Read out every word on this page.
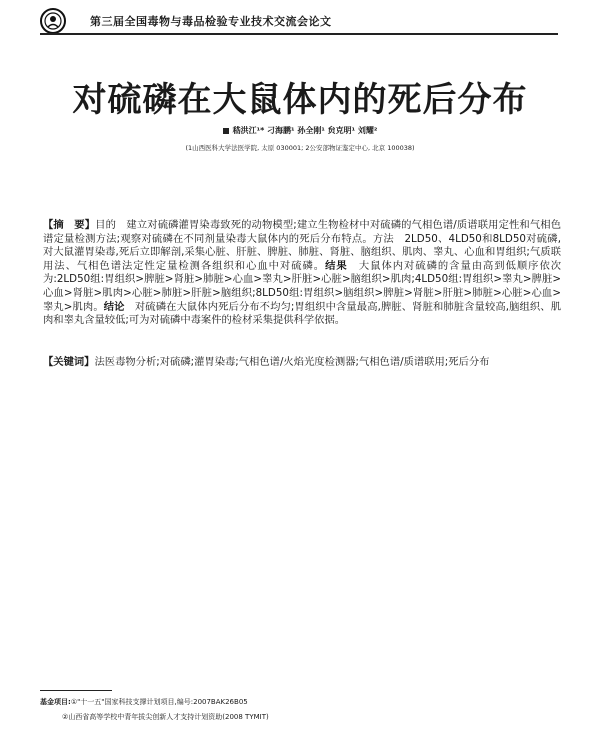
第三届全国毒物与毒品检验专业技术交流会论文
对硫磷在大鼠体内的死后分布
嵇洪江¹* 刁海鹏¹ 孙全刚¹ 贠克明¹ 刘耀²
(1山西医科大学法医学院, 太原 030001; 2公安部物证鉴定中心, 北京 100038)
【摘　要】目的　建立对硫磷灌胃染毒致死的动物模型;建立生物检材中对硫磷的气相色谱/质谱联用定性和气相色谱定量检测方法;观察对硫磷在不同剂量染毒大鼠体内的死后分布特点。方法　2LD50、4LD50和8LD50对硫磷,对大鼠灌胃染毒,死后立即解剖,采集心脏、肝脏、脾脏、肺脏、肾脏、脑组织、肌肉、睾丸、心血和胃组织;气质联用法、气相色谱法定性定量检测各组织和心血中对硫磷。结果　大鼠体内对硫磷的含量由高到低顺序依次为:2LD50组:胃组织>脾脏>肾脏>肺脏>心血>睾丸>肝脏>心脏>脑组织>肌肉;4LD50组:胃组织>睾丸>脾脏>心血>肾脏>肌肉>心脏>肺脏>肝脏>脑组织;8LD50组:胃组织>脑组织>脾脏>肾脏>肝脏>肺脏>心脏>心血>睾丸>肌肉。结论　对硫磷在大鼠体内死后分布不均匀;胃组织中含量最高,脾脏、肾脏和肺脏含量较高,脑组织、肌肉和睾丸含量较低;可为对硫磷中毒案件的检材采集提供科学依据。
【关键词】法医毒物分析;对硫磷;灌胃染毒;气相色谱/火焰光度检测器;气相色谱/质谱联用;死后分布
基金项目:①"十一五"国家科技支撑计划项目,编号:2007BAK26B05
②山西省高等学校中青年拔尖创新人才支持计划资助(2008 TYMIT)
